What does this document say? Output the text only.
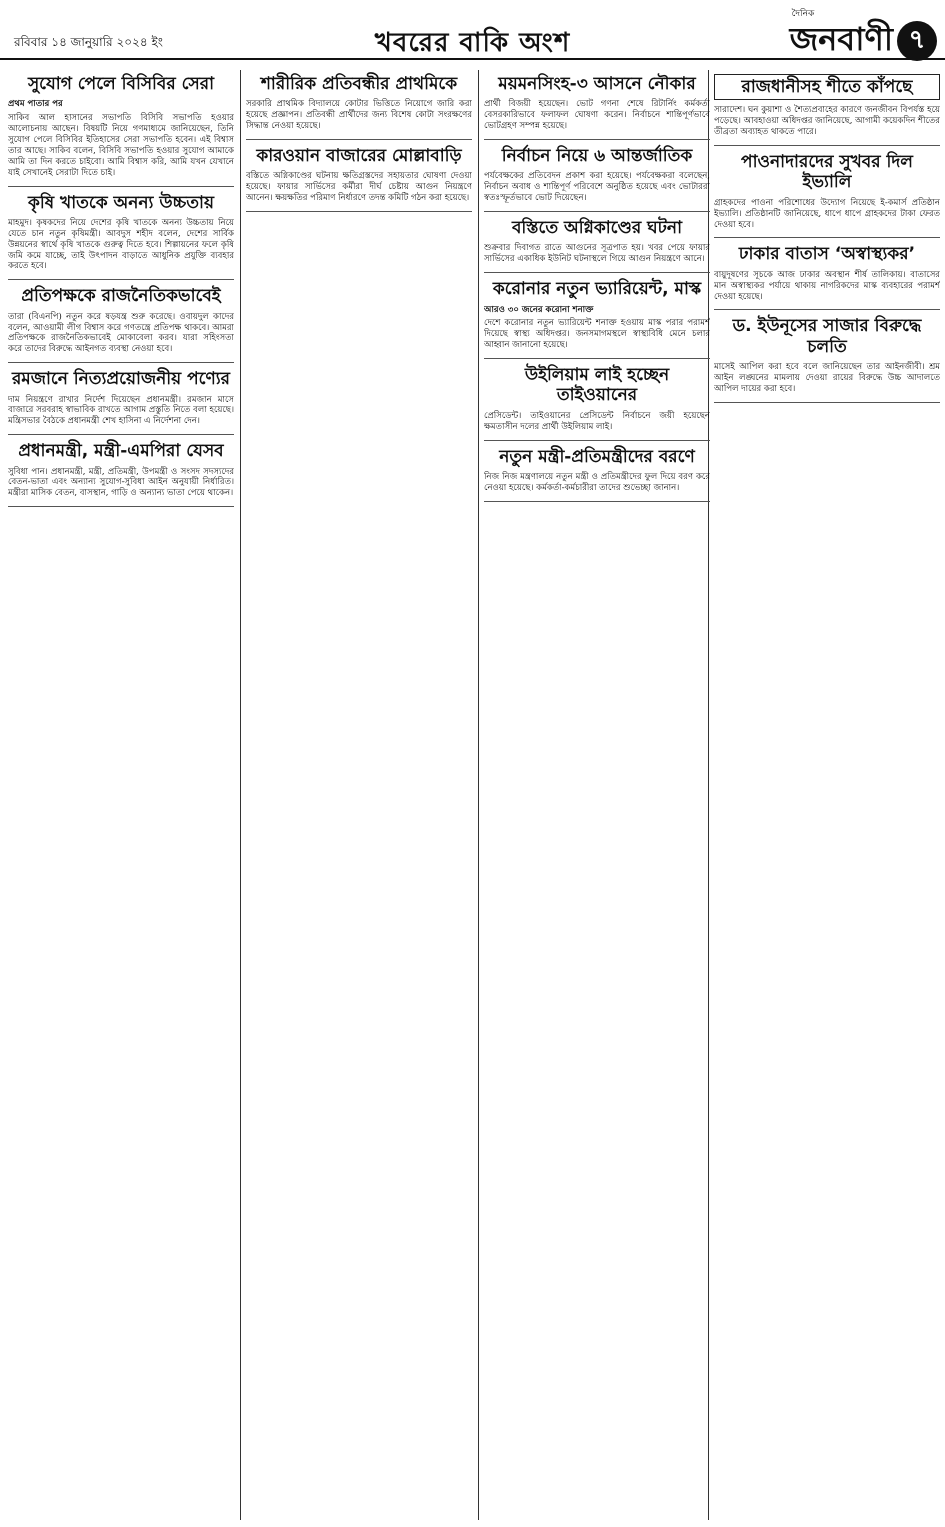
রবিবার ১৪ জানুয়ারি ২০২৪ ইং	খবরের বাকি অংশ
দৈনিক
জনবাণী ৭
সুযোগ পেলে বিসিবির সেরা

প্রথম পাতার পর

সাকিব আল হাসানের সভাপতি বিসিবি সভাপতি হওয়ার আলোচনায় আছেন। বিষয়টি নিয়ে গণমাধ্যমে জানিয়েছেন, তিনি সুযোগ পেলে বিসিবির ইতিহাসের সেরা সভাপতি হবেন। এই বিশ্বাস তার আছে। সাকিব বলেন, বিসিবি সভাপতি হওয়ার সুযোগ আমাকে আমি তা দিন করতে চাইবো। আমি বিশ্বাস করি, আমি যখন যেখানে যাই সেখানেই সেরাটা দিতে চাই।

কৃষি খাতকে অনন্য উচ্চতায়

মাহমুদ। কৃষকদের নিয়ে দেশের কৃষি খাতকে অনন্য উচ্চতায় নিয়ে যেতে চান নতুন কৃষিমন্ত্রী। আবদুস শহীদ বলেন, দেশের সার্বিক উন্নয়নের স্বার্থে কৃষি খাতকে গুরুত্ব দিতে হবে। শিল্পায়নের ফলে কৃষি জমি কমে যাচ্ছে, তাই উৎপাদন বাড়াতে আধুনিক প্রযুক্তি ব্যবহার করতে হবে।

প্রতিপক্ষকে রাজনৈতিকভাবেই

তারা (বিএনপি) নতুন করে ষড়যন্ত্র শুরু করেছে। ওবায়দুল কাদের বলেন, আওয়ামী লীগ বিশ্বাস করে গণতন্ত্রে প্রতিপক্ষ থাকবে। আমরা প্রতিপক্ষকে রাজনৈতিকভাবেই মোকাবেলা করব। যারা সহিংসতা করে তাদের বিরুদ্ধে আইনগত ব্যবস্থা নেওয়া হবে।

রমজানে নিত্যপ্রয়োজনীয় পণ্যের

দাম নিয়ন্ত্রণে রাখার নির্দেশ দিয়েছেন প্রধানমন্ত্রী। রমজান মাসে বাজারে সরবরাহ স্বাভাবিক রাখতে আগাম প্রস্তুতি নিতে বলা হয়েছে। মন্ত্রিসভার বৈঠকে প্রধানমন্ত্রী শেখ হাসিনা এ নির্দেশনা দেন।

প্রধানমন্ত্রী, মন্ত্রী-এমপিরা যেসব

সুবিধা পান। প্রধানমন্ত্রী, মন্ত্রী, প্রতিমন্ত্রী, উপমন্ত্রী ও সংসদ সদস্যদের বেতন-ভাতা এবং অন্যান্য সুযোগ-সুবিধা আইন অনুযায়ী নির্ধারিত। মন্ত্রীরা মাসিক বেতন, বাসস্থান, গাড়ি ও অন্যান্য ভাতা পেয়ে থাকেন।

শারীরিক প্রতিবন্ধীর প্রাথমিকে

সরকারি প্রাথমিক বিদ্যালয়ে কোটার ভিত্তিতে নিয়োগে জারি করা হয়েছে প্রজ্ঞাপন। প্রতিবন্ধী প্রার্থীদের জন্য বিশেষ কোটা সংরক্ষণের সিদ্ধান্ত নেওয়া হয়েছে।

কারওয়ান বাজারের মোল্লাবাড়ি

বস্তিতে অগ্নিকাণ্ডের ঘটনায় ক্ষতিগ্রস্তদের সহায়তার ঘোষণা দেওয়া হয়েছে। ফায়ার সার্ভিসের কর্মীরা দীর্ঘ চেষ্টায় আগুন নিয়ন্ত্রণে আনেন। ক্ষয়ক্ষতির পরিমাণ নির্ধারণে তদন্ত কমিটি গঠন করা হয়েছে।

ময়মনসিংহ-৩ আসনে নৌকার

প্রার্থী বিজয়ী হয়েছেন। ভোট গণনা শেষে রিটার্নিং কর্মকর্তা বেসরকারিভাবে ফলাফল ঘোষণা করেন। নির্বাচনে শান্তিপূর্ণভাবে ভোটগ্রহণ সম্পন্ন হয়েছে।

নির্বাচন নিয়ে ৬ আন্তর্জাতিক

পর্যবেক্ষকের প্রতিবেদন প্রকাশ করা হয়েছে। পর্যবেক্ষকরা বলেছেন, নির্বাচন অবাধ ও শান্তিপূর্ণ পরিবেশে অনুষ্ঠিত হয়েছে এবং ভোটাররা স্বতঃস্ফূর্তভাবে ভোট দিয়েছেন।

বস্তিতে অগ্নিকাণ্ডের ঘটনা

শুক্রবার দিবাগত রাতে আগুনের সূত্রপাত হয়। খবর পেয়ে ফায়ার সার্ভিসের একাধিক ইউনিট ঘটনাস্থলে গিয়ে আগুন নিয়ন্ত্রণে আনে।

করোনার নতুন ভ্যারিয়েন্ট, মাস্ক

আরও ৩০ জনের করোনা শনাক্ত

দেশে করোনার নতুন ভ্যারিয়েন্ট শনাক্ত হওয়ায় মাস্ক পরার পরামর্শ দিয়েছে স্বাস্থ্য অধিদপ্তর। জনসমাগমস্থলে স্বাস্থ্যবিধি মেনে চলার আহ্বান জানানো হয়েছে।

উইলিয়াম লাই হচ্ছেন তাইওয়ানের

প্রেসিডেন্ট। তাইওয়ানের প্রেসিডেন্ট নির্বাচনে জয়ী হয়েছেন ক্ষমতাসীন দলের প্রার্থী উইলিয়াম লাই।

নতুন মন্ত্রী-প্রতিমন্ত্রীদের বরণে

নিজ নিজ মন্ত্রণালয়ে নতুন মন্ত্রী ও প্রতিমন্ত্রীদের ফুল দিয়ে বরণ করে নেওয়া হয়েছে। কর্মকর্তা-কর্মচারীরা তাদের শুভেচ্ছা জানান।

রাজধানীসহ শীতে কাঁপছে

সারাদেশ। ঘন কুয়াশা ও শৈত্যপ্রবাহের কারণে জনজীবন বিপর্যস্ত হয়ে পড়েছে। আবহাওয়া অধিদপ্তর জানিয়েছে, আগামী কয়েকদিন শীতের তীব্রতা অব্যাহত থাকতে পারে।

পাওনাদারদের সুখবর দিল ইভ্যালি

গ্রাহকদের পাওনা পরিশোধের উদ্যোগ নিয়েছে ই-কমার্স প্রতিষ্ঠান ইভ্যালি। প্রতিষ্ঠানটি জানিয়েছে, ধাপে ধাপে গ্রাহকদের টাকা ফেরত দেওয়া হবে।

ঢাকার বাতাস ‘অস্বাস্থ্যকর’

বায়ুদূষণের সূচকে আজ ঢাকার অবস্থান শীর্ষ তালিকায়। বাতাসের মান অস্বাস্থ্যকর পর্যায়ে থাকায় নাগরিকদের মাস্ক ব্যবহারের পরামর্শ দেওয়া হয়েছে।

ড. ইউনূসের সাজার বিরুদ্ধে চলতি

মাসেই আপিল করা হবে বলে জানিয়েছেন তার আইনজীবী। শ্রম আইন লঙ্ঘনের মামলায় দেওয়া রায়ের বিরুদ্ধে উচ্চ আদালতে আপিল দায়ের করা হবে।
